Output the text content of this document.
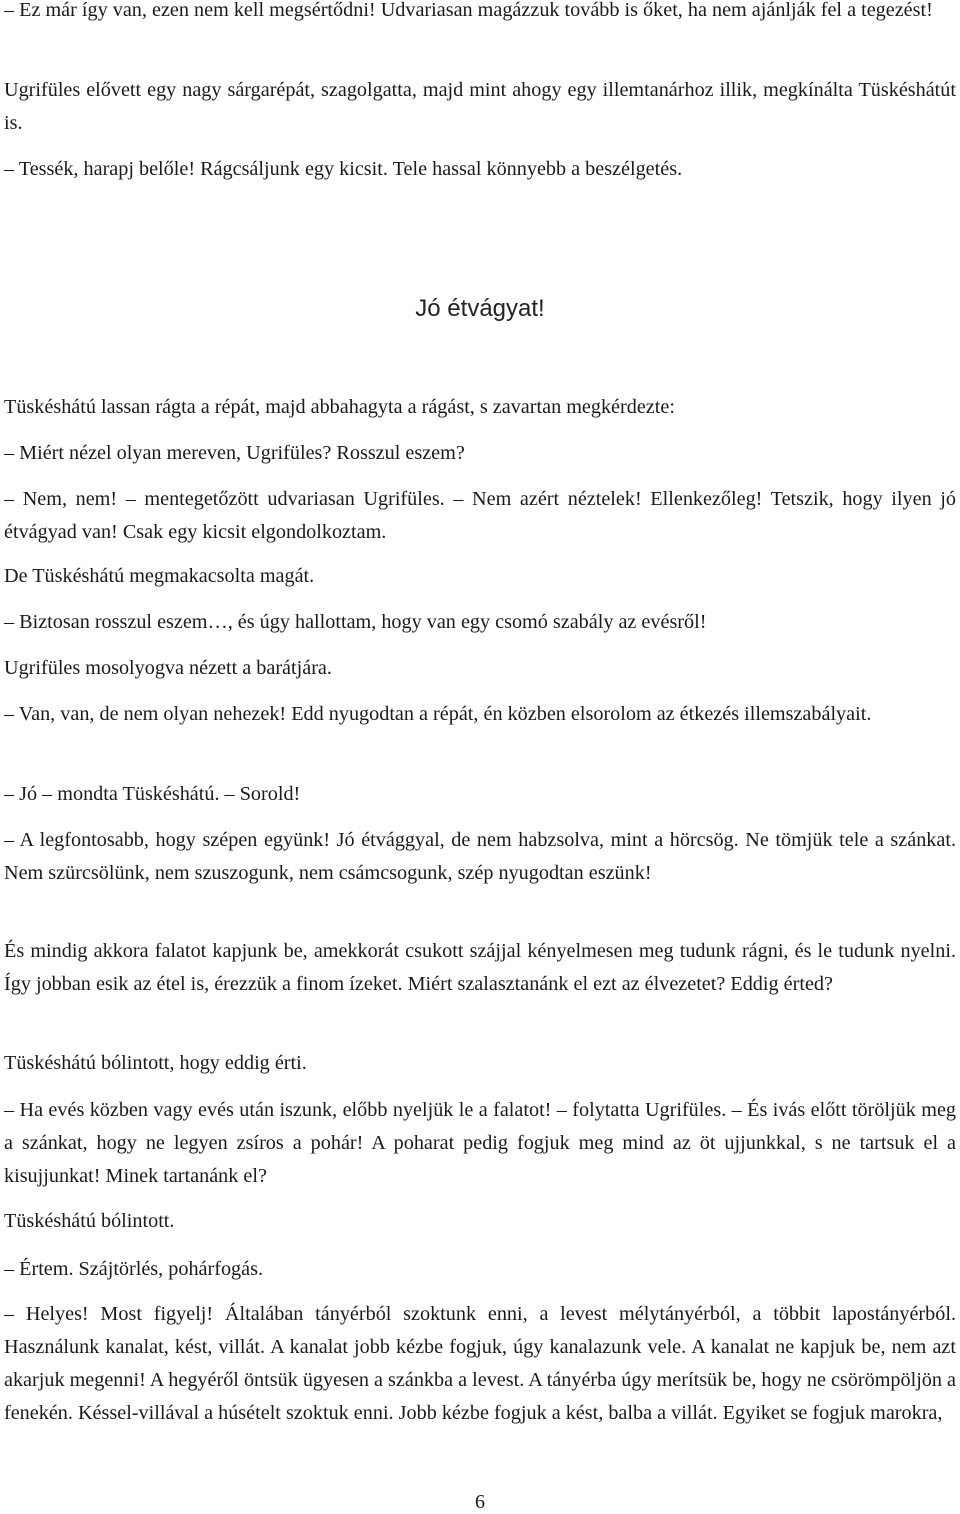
– Ez már így van, ezen nem kell megsértődni! Udvariasan magázzuk tovább is őket, ha nem ajánlják fel a tegezést!
Ugrifüles elővett egy nagy sárgarépát, szagolgatta, majd mint ahogy egy illemtanárhoz illik, megkínálta Tüskéshátút is.
– Tessék, harapj belőle! Rágcsáljunk egy kicsit. Tele hassal könnyebb a beszélgetés.
Tüskéshátú lassan rágta a répát, majd abbahagyta a rágást, s zavartan megkérdezte:
– Miért nézel olyan mereven, Ugrifüles? Rosszul eszem?
– Nem, nem! – mentegetőzött udvariasan Ugrifüles. – Nem azért néztelek! Ellenkezőleg! Tetszik, hogy ilyen jó étvágyad van! Csak egy kicsit elgondolkoztam.
De Tüskéshátú megmakacsolta magát.
– Biztosan rosszul eszem…, és úgy hallottam, hogy van egy csomó szabály az evésről!
Ugrifüles mosolyogva nézett a barátjára.
– Van, van, de nem olyan nehezek! Edd nyugodtan a répát, én közben elsorolom az étkezés illemszabályait.
– Jó – mondta Tüskéshátú. – Sorold!
– A legfontosabb, hogy szépen együnk! Jó étvággyal, de nem habzsolva, mint a hörcsög. Ne tömjük tele a szánkat. Nem szürcsölünk, nem szuszogunk, nem csámcsogunk, szép nyugodtan eszünk!
És mindig akkora falatot kapjunk be, amekkorát csukott szájjal kényelmesen meg tudunk rágni, és le tudunk nyelni. Így jobban esik az étel is, érezzük a finom ízeket. Miért szalasztanánk el ezt az élvezetet? Eddig érted?
Tüskéshátú bólintott, hogy eddig érti.
– Ha evés közben vagy evés után iszunk, előbb nyeljük le a falatot! – folytatta Ugrifüles. – És ivás előtt töröljük meg a szánkat, hogy ne legyen zsíros a pohár! A poharat pedig fogjuk meg mind az öt ujjunkkal, s ne tartsuk el a kisujjunkat! Minek tartanánk el?
Tüskéshátú bólintott.
– Értem. Szájtörlés, pohárfogás.
– Helyes! Most figyelj! Általában tányérból szoktunk enni, a levest mélytányérból, a többit lapostányérból. Használunk kanalat, kést, villát. A kanalat jobb kézbe fogjuk, úgy kanalazunk vele. A kanalat ne kapjuk be, nem azt akarjuk megenni! A hegyéről öntsük ügyesen a szánkba a levest. A tányérba úgy merítsük be, hogy ne csörömpöljön a fenekén. Késsel-villával a húsételt szoktuk enni. Jobb kézbe fogjuk a kést, balba a villát. Egyiket se fogjuk marokra,
Jó étvágyat!
6
